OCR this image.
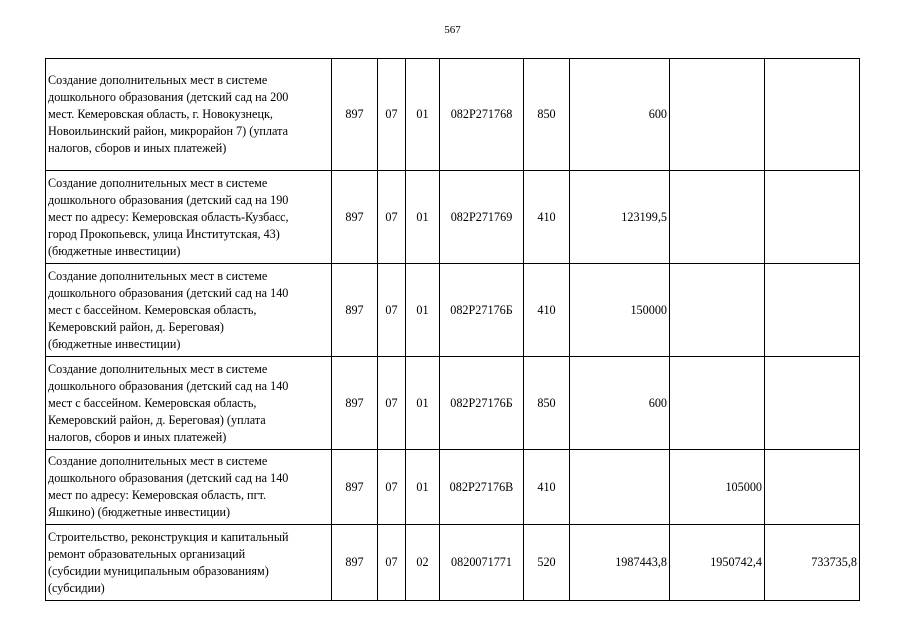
567
Создание дополнительных мест в системе
дошкольного образования (детский сад на 200
мест. Кемеровская область, г. Новокузнецк,
Новоильинский район, микрорайон 7) (уплата
налогов, сборов и иных платежей)	897	07	01	082P271768	850	600		
Создание дополнительных мест в системе
дошкольного образования (детский сад на 190
мест по адресу: Кемеровская область-Кузбасс,
город Прокопьевск, улица Институтская, 43)
(бюджетные инвестиции)	897	07	01	082P271769	410	123199,5		
Создание дополнительных мест в системе
дошкольного образования (детский сад на 140
мест с бассейном. Кемеровская область,
Кемеровский район, д. Береговая)
(бюджетные инвестиции)	897	07	01	082P27176Б	410	150000		
Создание дополнительных мест в системе
дошкольного образования (детский сад на 140
мест с бассейном. Кемеровская область,
Кемеровский район, д. Береговая) (уплата
налогов, сборов и иных платежей)	897	07	01	082P27176Б	850	600		
Создание дополнительных мест в системе
дошкольного образования (детский сад на 140
мест по адресу: Кемеровская область, пгт.
Яшкино) (бюджетные инвестиции)	897	07	01	082P27176В	410		105000	
Строительство, реконструкция и капитальный
ремонт образовательных организаций
(субсидии муниципальным образованиям)
(субсидии)	897	07	02	0820071771	520	1987443,8	1950742,4	733735,8
